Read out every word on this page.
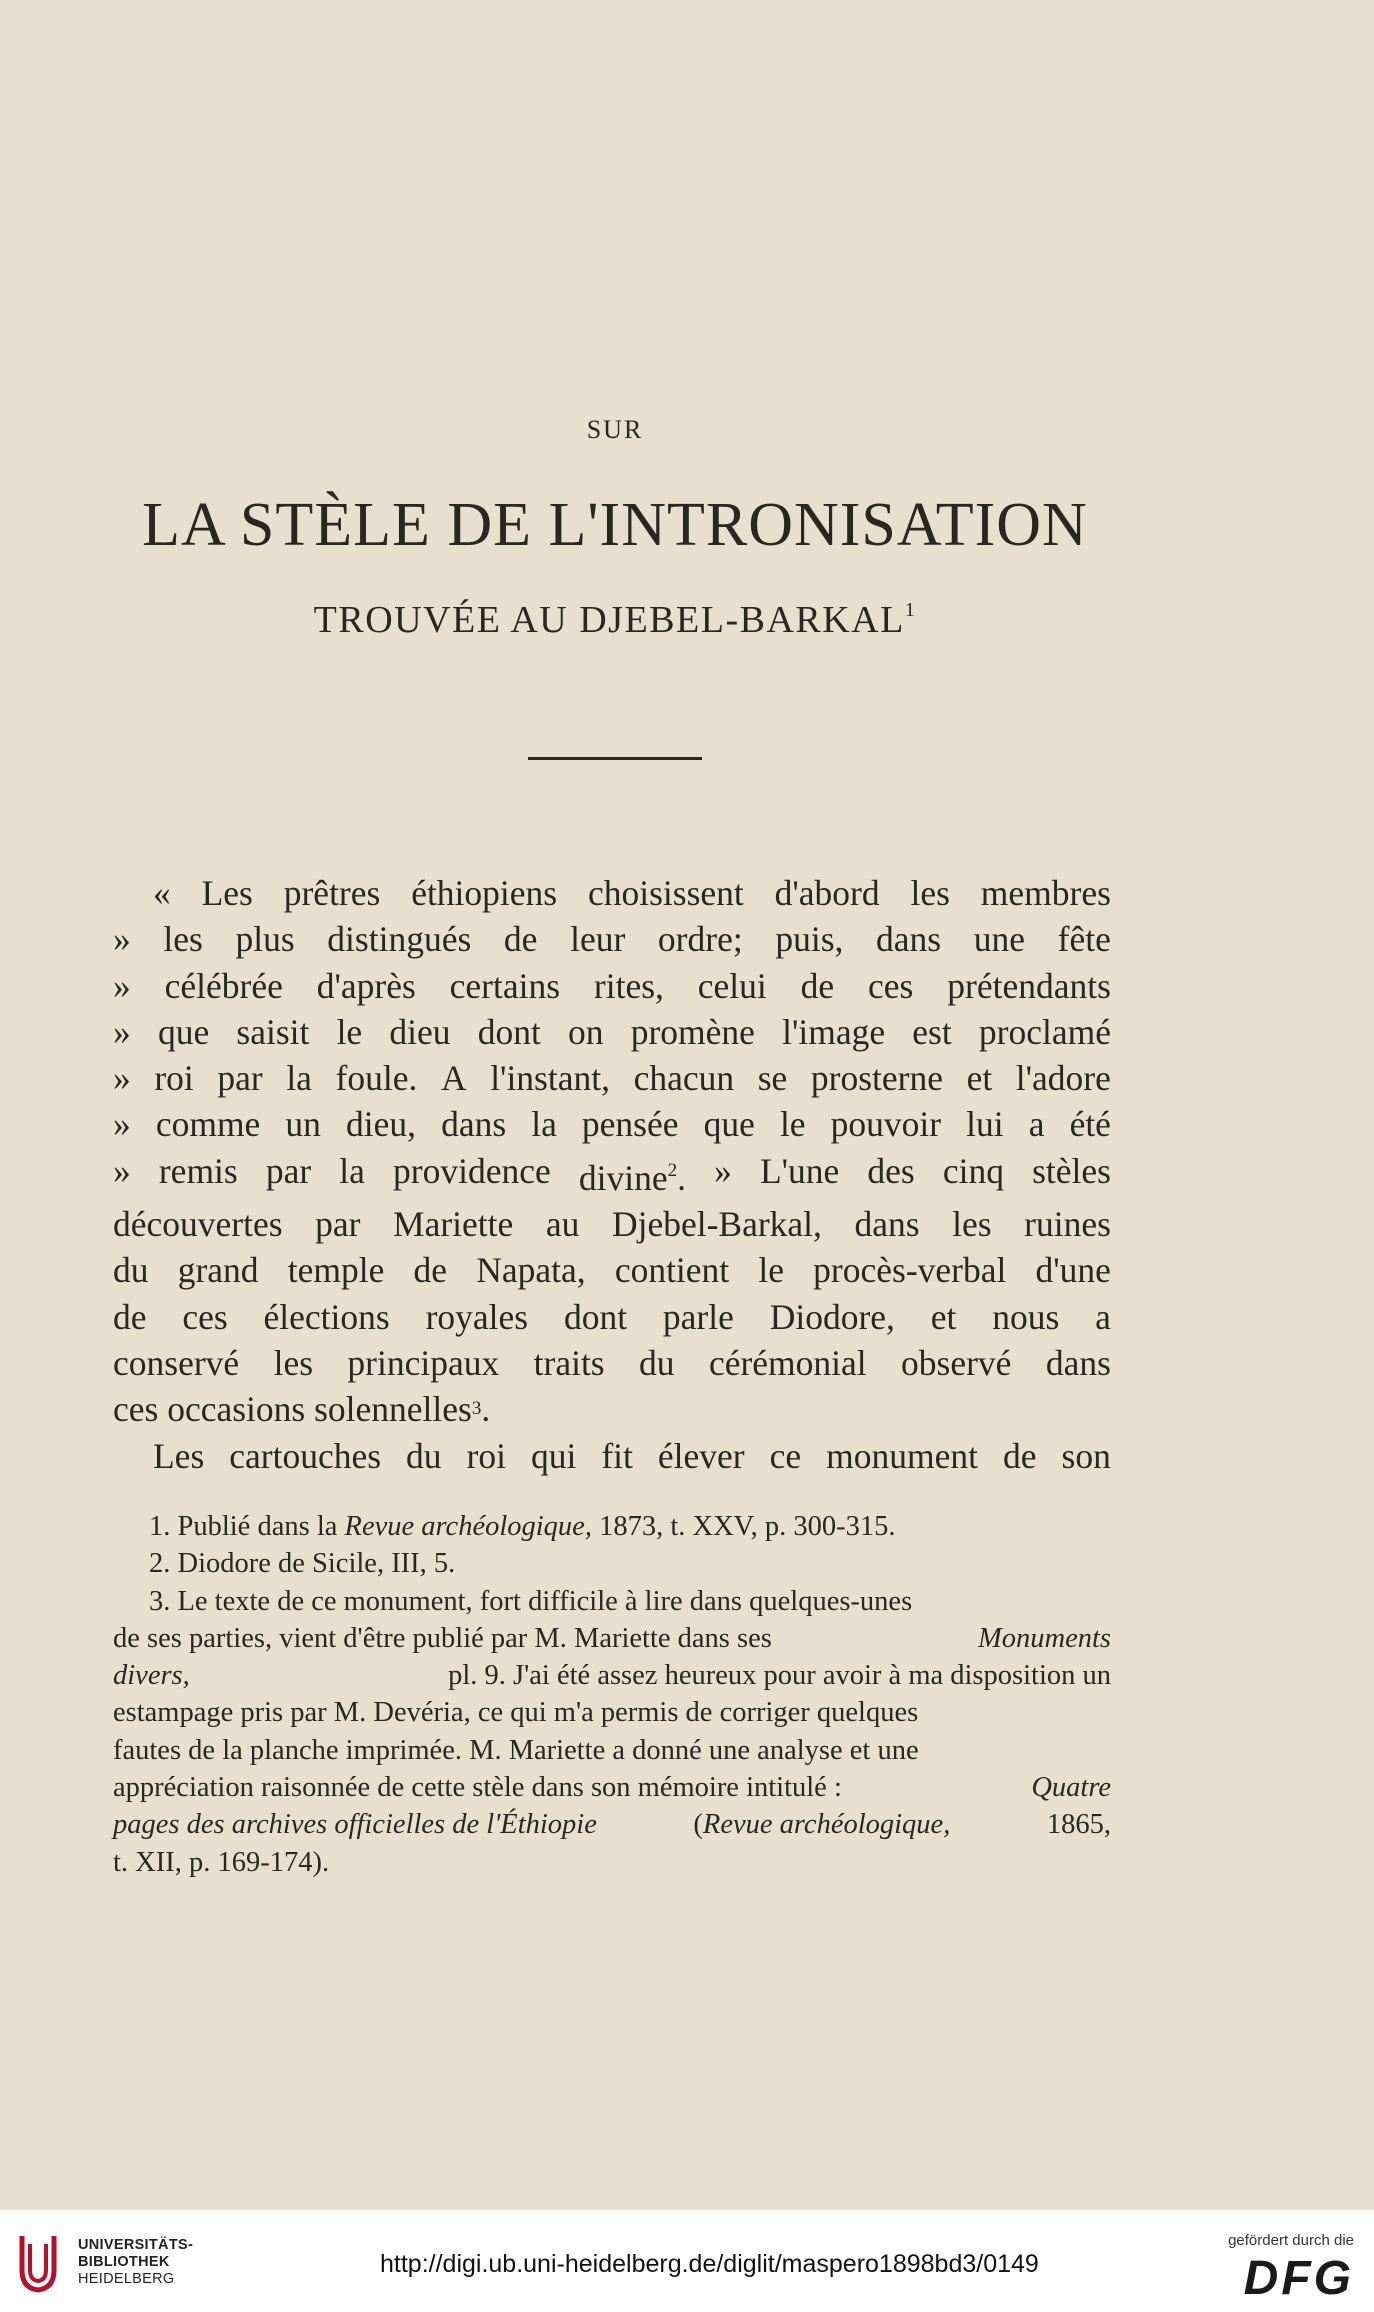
SUR
LA STÈLE DE L'INTRONISATION
TROUVÉE AU DJEBEL-BARKAL$^1$
« Les prêtres éthiopiens choisissent d'abord les membres
» les plus distingués de leur ordre; puis, dans une fête
» célébrée d'après certains rites, celui de ces prétendants
» que saisit le dieu dont on promène l'image est proclamé
» roi par la foule. A l'instant, chacun se prosterne et l'adore
» comme un dieu, dans la pensée que le pouvoir lui a été
» remis par la providence divine$^2$. » L'une des cinq stèles
découvertes par Mariette au Djebel-Barkal, dans les ruines
du grand temple de Napata, contient le procès-verbal d'une
de ces élections royales dont parle Diodore, et nous a
conservé les principaux traits du cérémonial observé dans
ces
occasions
solennelles 3 .
Les cartouches du roi qui fit élever ce monument de son
1. Publié dans la
Revue archéologique,
1873, t. XXV, p. 300-315.
2. Diodore de Sicile, III, 5.
3. Le texte de ce monument, fort difficile à lire dans quelques-unes
de ses parties, vient d'être publié par M. Mariette dans ses	Monuments
divers,	pl. 9. J'ai été assez heureux pour avoir à ma disposition un
estampage pris par M. Devéria, ce qui m'a permis de corriger quelques
fautes de la planche imprimée. M. Mariette a donné une analyse et une
appréciation raisonnée de cette stèle dans son mémoire intitulé :	Quatre
pages des archives officielles de l'Éthiopie	(Revue archéologique,	1865,
t. XII, p. 169-174).
UNIVERSITÄTS-
BIBLIOTHEK
HEIDELBERG
http://digi.ub.uni-heidelberg.de/diglit/maspero1898bd3/0149
gefördert durch die
DFG
